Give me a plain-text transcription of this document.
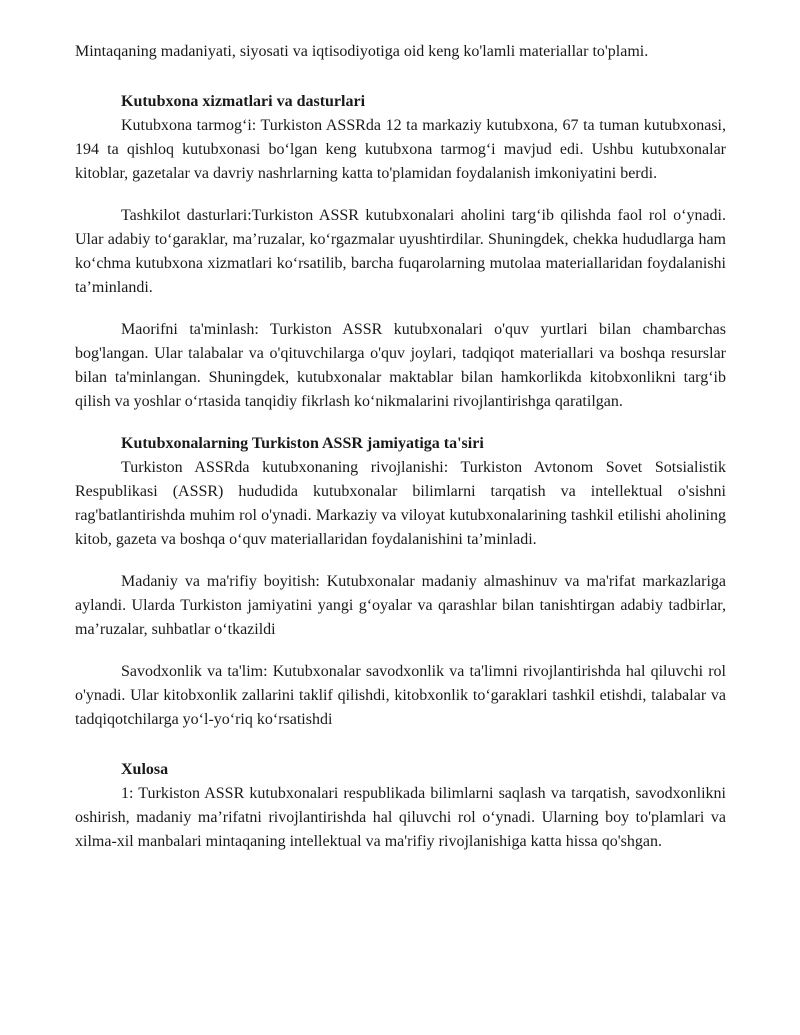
Mintaqaning madaniyati, siyosati va iqtisodiyotiga oid keng ko'lamli materiallar to'plami.

Kutubxona xizmatlari va dasturlari

Kutubxona tarmog‘i: Turkiston ASSRda 12 ta markaziy kutubxona, 67 ta tuman kutubxonasi, 194 ta qishloq kutubxonasi bo‘lgan keng kutubxona tarmog‘i mavjud edi. Ushbu kutubxonalar kitoblar, gazetalar va davriy nashrlarning katta to'plamidan foydalanish imkoniyatini berdi.

Tashkilot dasturlari:Turkiston ASSR kutubxonalari aholini targ‘ib qilishda faol rol o‘ynadi. Ular adabiy to‘garaklar, ma’ruzalar, ko‘rgazmalar uyushtirdilar. Shuningdek, chekka hududlarga ham ko‘chma kutubxona xizmatlari ko‘rsatilib, barcha fuqarolarning mutolaa materiallaridan foydalanishi ta’minlandi.

Maorifni ta'minlash: Turkiston ASSR kutubxonalari o'quv yurtlari bilan chambarchas bog'langan. Ular talabalar va o'qituvchilarga o'quv joylari, tadqiqot materiallari va boshqa resurslar bilan ta'minlangan. Shuningdek, kutubxonalar maktablar bilan hamkorlikda kitobxonlikni targ‘ib qilish va yoshlar o‘rtasida tanqidiy fikrlash ko‘nikmalarini rivojlantirishga qaratilgan.

Kutubxonalarning Turkiston ASSR jamiyatiga ta'siri

Turkiston ASSRda kutubxonaning rivojlanishi: Turkiston Avtonom Sovet Sotsialistik Respublikasi (ASSR) hududida kutubxonalar bilimlarni tarqatish va intellektual o'sishni rag'batlantirishda muhim rol o'ynadi. Markaziy va viloyat kutubxonalarining tashkil etilishi aholining kitob, gazeta va boshqa o‘quv materiallaridan foydalanishini ta’minladi.

Madaniy va ma'rifiy boyitish: Kutubxonalar madaniy almashinuv va ma'rifat markazlariga aylandi. Ularda Turkiston jamiyatini yangi g‘oyalar va qarashlar bilan tanishtirgan adabiy tadbirlar, ma’ruzalar, suhbatlar o‘tkazildi

Savodxonlik va ta'lim: Kutubxonalar savodxonlik va ta'limni rivojlantirishda hal qiluvchi rol o'ynadi. Ular kitobxonlik zallarini taklif qilishdi, kitobxonlik to‘garaklari tashkil etishdi, talabalar va tadqiqotchilarga yo‘l-yo‘riq ko‘rsatishdi

Xulosa

1: Turkiston ASSR kutubxonalari respublikada bilimlarni saqlash va tarqatish, savodxonlikni oshirish, madaniy ma’rifatni rivojlantirishda hal qiluvchi rol o‘ynadi. Ularning boy to'plamlari va xilma-xil manbalari mintaqaning intellektual va ma'rifiy rivojlanishiga katta hissa qo'shgan.
